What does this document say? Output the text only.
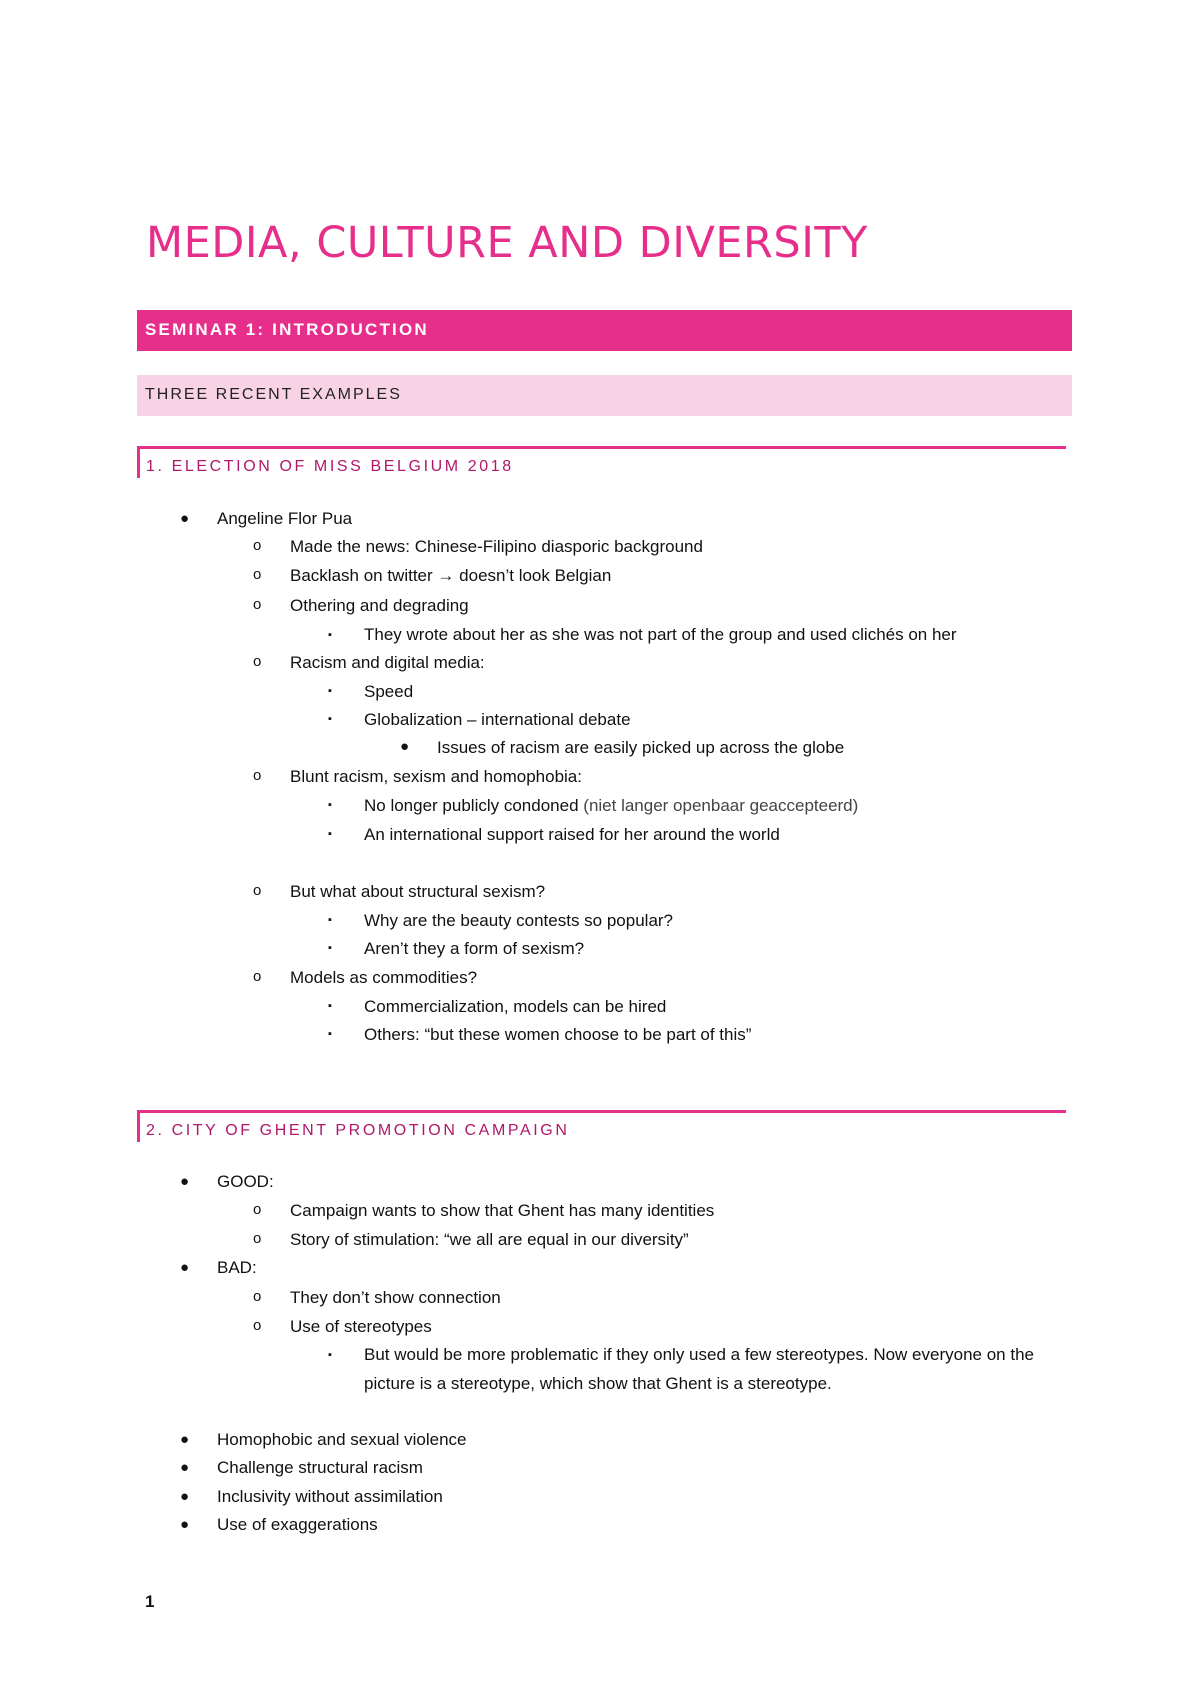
MEDIA, CULTURE AND DIVERSITY
SEMINAR 1: INTRODUCTION
THREE RECENT EXAMPLES
1. ELECTION OF MISS BELGIUM 2018
● Angeline Flor Pua
o Made the news: Chinese-Filipino diasporic background
o Backlash on twitter → doesn’t look Belgian
o Othering and degrading
▪ They wrote about her as she was not part of the group and used clichés on her
o Racism and digital media:
▪ Speed
▪ Globalization – international debate
● Issues of racism are easily picked up across the globe
o Blunt racism, sexism and homophobia:
▪ No longer publicly condoned (niet langer openbaar geaccepteerd)
▪ An international support raised for her around the world
o But what about structural sexism?
▪ Why are the beauty contests so popular?
▪ Aren’t they a form of sexism?
o Models as commodities?
▪ Commercialization, models can be hired
▪ Others: “but these women choose to be part of this”
2. CITY OF GHENT PROMOTION CAMPAIGN
● GOOD:
o Campaign wants to show that Ghent has many identities
o Story of stimulation: “we all are equal in our diversity”
● BAD:
o They don’t show connection
o Use of stereotypes
▪ But would be more problematic if they only used a few stereotypes. Now everyone on the picture is a stereotype, which show that Ghent is a stereotype.
● Homophobic and sexual violence
● Challenge structural racism
● Inclusivity without assimilation
● Use of exaggerations
1
